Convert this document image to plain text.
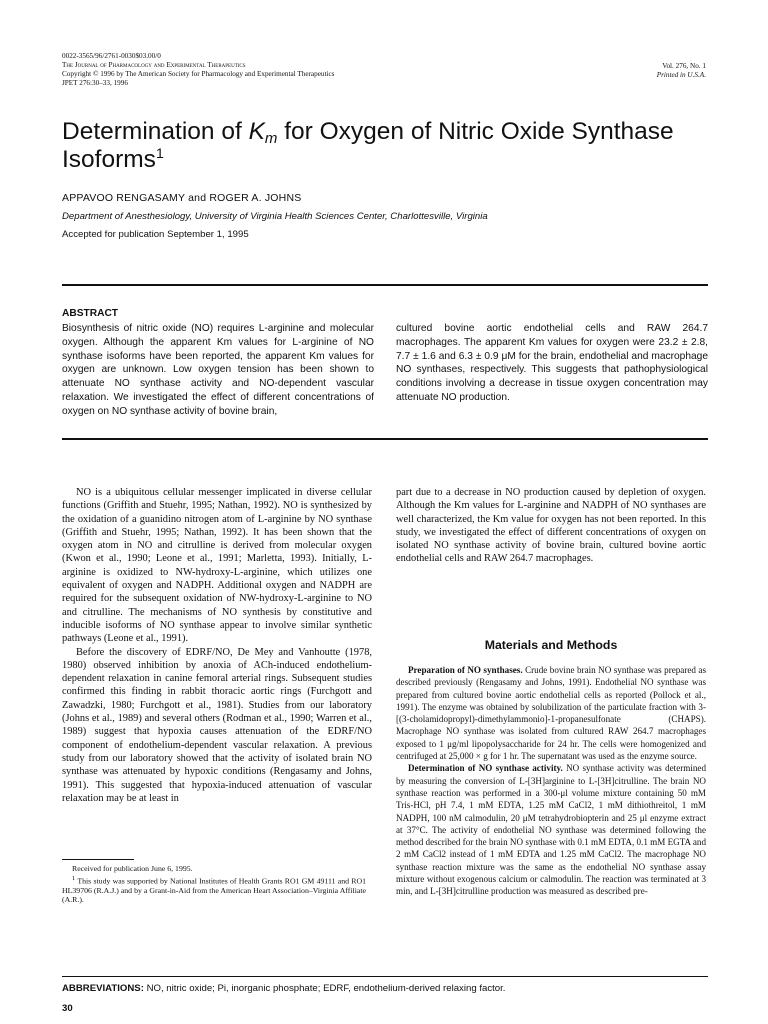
0022-3565/96/2761-0030$03.00/0
The Journal of Pharmacology and Experimental Therapeutics
Copyright © 1996 by The American Society for Pharmacology and Experimental Therapeutics
JPET 276:30–33, 1996
Vol. 276, No. 1
Printed in U.S.A.
Determination of $K_m$ for Oxygen of Nitric Oxide Synthase Isoforms$^1$
APPAVOO RENGASAMY and ROGER A. JOHNS
Department of Anesthesiology, University of Virginia Health Sciences Center, Charlottesville, Virginia
Accepted for publication September 1, 1995
ABSTRACT
Biosynthesis of nitric oxide (NO) requires L-arginine and molecular oxygen. Although the apparent Km values for L-arginine of NO synthase isoforms have been reported, the apparent Km values for oxygen are unknown. Low oxygen tension has been shown to attenuate NO synthase activity and NO-dependent vascular relaxation. We investigated the effect of different concentrations of oxygen on NO synthase activity of bovine brain,
cultured bovine aortic endothelial cells and RAW 264.7 macrophages. The apparent Km values for oxygen were 23.2 ± 2.8, 7.7 ± 1.6 and 6.3 ± 0.9 μM for the brain, endothelial and macrophage NO synthases, respectively. This suggests that pathophysiological conditions involving a decrease in tissue oxygen concentration may attenuate NO production.

NO is a ubiquitous cellular messenger implicated in diverse cellular functions (Griffith and Stuehr, 1995; Nathan, 1992). NO is synthesized by the oxidation of a guanidino nitrogen atom of L-arginine by NO synthase (Griffith and Stuehr, 1995; Nathan, 1992). It has been shown that the oxygen atom in NO and citrulline is derived from molecular oxygen (Kwon et al., 1990; Leone et al., 1991; Marletta, 1993). Initially, L-arginine is oxidized to NW-hydroxy-L-arginine, which utilizes one equivalent of oxygen and NADPH. Additional oxygen and NADPH are required for the subsequent oxidation of NW-hydroxy-L-arginine to NO and citrulline. The mechanisms of NO synthesis by constitutive and inducible isoforms of NO synthase appear to involve similar synthetic pathways (Leone et al., 1991).

Before the discovery of EDRF/NO, De Mey and Vanhoutte (1978, 1980) observed inhibition by anoxia of ACh-induced endothelium-dependent relaxation in canine femoral arterial rings. Subsequent studies confirmed this finding in rabbit thoracic aortic rings (Furchgott and Zawadzki, 1980; Furchgott et al., 1981). Studies from our laboratory (Johns et al., 1989) and several others (Rodman et al., 1990; Warren et al., 1989) suggest that hypoxia causes attenuation of the EDRF/NO component of endothelium-dependent vascular relaxation. A previous study from our laboratory showed that the activity of isolated brain NO synthase was attenuated by hypoxic conditions (Rengasamy and Johns, 1991). This suggested that hypoxia-induced attenuation of vascular relaxation may be at least in

part due to a decrease in NO production caused by depletion of oxygen. Although the Km values for L-arginine and NADPH of NO synthases are well characterized, the Km value for oxygen has not been reported. In this study, we investigated the effect of different concentrations of oxygen on isolated NO synthase activity of bovine brain, cultured bovine aortic endothelial cells and RAW 264.7 macrophages.

Materials and Methods

Preparation of NO synthases. Crude bovine brain NO synthase was prepared as described previously (Rengasamy and Johns, 1991). Endothelial NO synthase was prepared from cultured bovine aortic endothelial cells as reported (Pollock et al., 1991). The enzyme was obtained by solubilization of the particulate fraction with 3-[(3-cholamidopropyl)-dimethylammonio]-1-propanesulfonate (CHAPS). Macrophage NO synthase was isolated from cultured RAW 264.7 macrophages exposed to 1 μg/ml lipopolysaccharide for 24 hr. The cells were homogenized and centrifuged at 25,000 × g for 1 hr. The supernatant was used as the enzyme source.

Determination of NO synthase activity. NO synthase activity was determined by measuring the conversion of L-[3H]arginine to L-[3H]citrulline. The brain NO synthase reaction was performed in a 300-μl volume mixture containing 50 mM Tris-HCl, pH 7.4, 1 mM EDTA, 1.25 mM CaCl2, 1 mM dithiothreitol, 1 mM NADPH, 100 nM calmodulin, 20 μM tetrahydrobiopterin and 25 μl enzyme extract at 37°C. The activity of endothelial NO synthase was determined following the method described for the brain NO synthase with 0.1 mM EDTA, 0.1 mM EGTA and 2 mM CaCl2 instead of 1 mM EDTA and 1.25 mM CaCl2. The macrophage NO synthase reaction mixture was the same as the endothelial NO synthase assay mixture without exogenous calcium or calmodulin. The reaction was terminated at 3 min, and L-[3H]citrulline production was measured as described pre-

Received for publication June 6, 1995.

$^1$ This study was supported by National Institutes of Health Grants RO1 GM 49111 and RO1 HL39706 (R.A.J.) and by a Grant-in-Aid from the American Heart Association–Virginia Affiliate (A.R.).

ABBREVIATIONS: NO, nitric oxide; Pi, inorganic phosphate; EDRF, endothelium-derived relaxing factor.
30
